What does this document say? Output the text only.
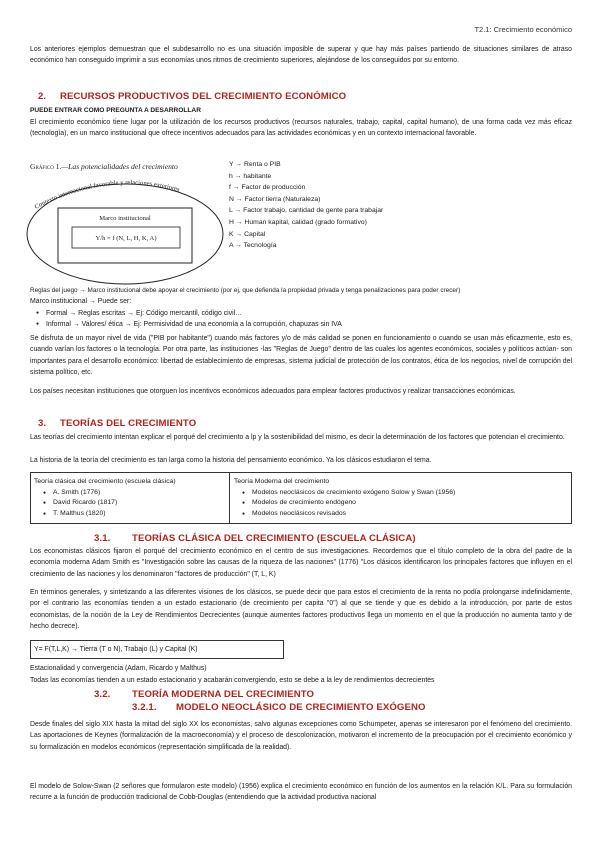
T2.1: Crecimiento económico

Los anteriores ejemplos demuestran que el subdesarrollo no es una situación imposible de superar y que hay más países partiendo de situaciones similares de atraso económico han conseguido imprimir a sus economías unos ritmos de crecimiento superiores, alejándose de los conseguidos por su entorno.

2. RECURSOS PRODUCTIVOS DEL CRECIMIENTO ECONÓMICO

PUEDE ENTRAR COMO PREGUNTA A DESARROLLAR

El crecimiento económico tiene lugar por la utilización de los recursos productivos (recursos naturales, trabajo, capital, capital humano), de una forma cada vez más eficaz (tecnología), en un marco institucional que ofrece incentivos adecuados para las actividades económicas y en un contexto internacional favorable.

Gráfico 1.—Las potencialidades del crecimiento
Contexto internacional favorable y relaciones exteriores
Marco institucional
Y/h = f (N, L, H, K, A)
Y → Renta o PIB
h → habitante
f → Factor de producción
N → Factor tierra (Naturaleza)
L → Factor trabajo, cantidad de gente para trabajar
H → Human kapital, calidad (grado formativo)
K → Capital
A → Tecnología

Reglas del juego → Marco institucional debe apoyar el crecimiento (por ej, que defienda la propiedad privada y tenga penalizaciones para poder crecer)

Marco institucional → Puede ser:

● Formal → Reglas escritas → Ej: Código mercantil, código civil…
● Informal → Valores/ ética → Ej: Permisividad de una economía a la corrupción, chapuzas sin IVA

Se disfruta de un mayor nivel de vida ("PIB por habitante") cuando más factores y/o de más calidad se ponen en funcionamiento o cuando se usan más eficazmente, esto es, cuando varían los factores o la tecnología. Por otra parte, las instituciones -las "Reglas de Juego" dentro de las cuales los agentes económicos, sociales y políticos actúan- son importantes para el desarrollo económico: libertad de establecimiento de empresas, sistema judicial de protección de los contratos, ética de los negocios, nivel de corrupción del sistema político, etc.

Los países necesitan instituciones que otorguen los incentivos económicos adecuados para emplear factores productivos y realizar transacciones económicas.

3. TEORÍAS DEL CRECIMIENTO

Las teorías del crecimiento intentan explicar el porqué del crecimiento a lp y la sostenibilidad del mismo, es decir la determinación de los factores que potencian el crecimiento.

La historia de la teoría del crecimiento es tan larga como la historia del pensamiento económico. Ya los clásicos estudiaron el tema.

Teoría clásica del crecimiento (escuela clásica)
● A. Smith (1776)
● David Ricardo (1817)
● T. Malthus (1820)
Teoría Moderna del crecimiento
● Modelos neoclásicos de crecimiento exógeno Solow y Swan (1956)
● Modelos de crecimiento endógeno
● Modelos neoclásicos revisados
3.1. TEORÍAS CLÁSICA DEL CRECIMIENTO (ESCUELA CLÁSICA)

Los economistas clásicos fijaron el porqué del crecimiento económico en el centro de sus investigaciones. Recordemos que el título completo de la obra del padre de la economía moderna Adam Smith es "Investigación sobre las causas de la riqueza de las naciones" (1776) "Los clásicos identificaron los principales factores que influyen en el crecimiento de las naciones y los denominaron "factores de producción" (T, L, K)

En términos generales, y sintetizando a las diferentes visiones de los clásicos, se puede decir que para estos el crecimiento de la renta no podía prolongarse indefinidamente, por el contrario las economías tienden a un estado estacionario (de crecimiento per capita "0") al que se tiende y que es debido a la introducción, por parte de estos economistas, de la noción de la Ley de Rendimientos Decrecientes (aunque aumentes factores productivos llega un momento en el que la producción no aumenta tanto y de hecho decrece).

Y= F(T,L,K) → Tierra (T o N), Trabajo (L) y Capital (K)

Estacionalidad y convergencia (Adam, Ricardo y Malthus)

Todas las economías tienden a un estado estacionario y acabarán convergiendo, esto se debe a la ley de rendimientos decrecientes

3.2. TEORÍA MODERNA DEL CRECIMIENTO
3.2.1. MODELO NEOCLÁSICO DE CRECIMIENTO EXÓGENO

Desde finales del siglo XIX hasta la mitad del siglo XX los economistas, salvo algunas excepciones como Schumpeter, apenas se interesaron por el fenómeno del crecimiento. Las aportaciones de Keynes (formalización de la macroeconomía) y el proceso de descolonización, motivaron el incremento de la preocupación por el crecimiento económico y su formalización en modelos económicos (representación simplificada de la realidad).

El modelo de Solow-Swan (2 señores que formularon este modelo) (1956) explica el crecimiento económico en función de los aumentos en la relación K/L. Para su formulación recurre a la función de producción tradicional de Cobb-Douglas (entendiendo que la actividad productiva nacional
